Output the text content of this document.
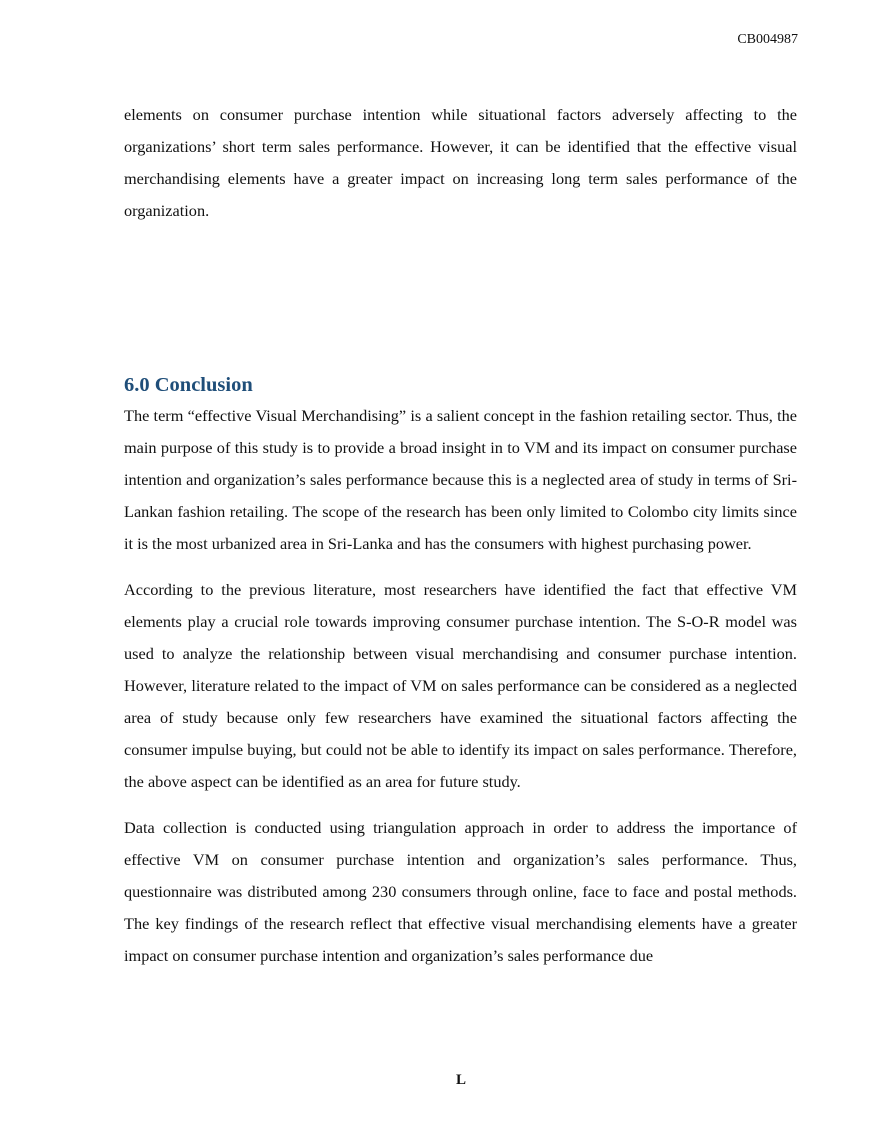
CB004987

elements on consumer purchase intention while situational factors adversely affecting to the organizations’ short term sales performance. However, it can be identified that the effective visual merchandising elements have a greater impact on increasing long term sales performance of the organization.

6.0 Conclusion

The term “effective Visual Merchandising” is a salient concept in the fashion retailing sector. Thus, the main purpose of this study is to provide a broad insight in to VM and its impact on consumer purchase intention and organization’s sales performance because this is a neglected area of study in terms of Sri-Lankan fashion retailing. The scope of the research has been only limited to Colombo city limits since it is the most urbanized area in Sri-Lanka and has the consumers with highest purchasing power.

According to the previous literature, most researchers have identified the fact that effective VM elements play a crucial role towards improving consumer purchase intention. The S-O-R model was used to analyze the relationship between visual merchandising and consumer purchase intention. However, literature related to the impact of VM on sales performance can be considered as a neglected area of study because only few researchers have examined the situational factors affecting the consumer impulse buying, but could not be able to identify its impact on sales performance. Therefore, the above aspect can be identified as an area for future study.

Data collection is conducted using triangulation approach in order to address the importance of effective VM on consumer purchase intention and organization’s sales performance. Thus, questionnaire was distributed among 230 consumers through online, face to face and postal methods. The key findings of the research reflect that effective visual merchandising elements have a greater impact on consumer purchase intention and organization’s sales performance due

L
